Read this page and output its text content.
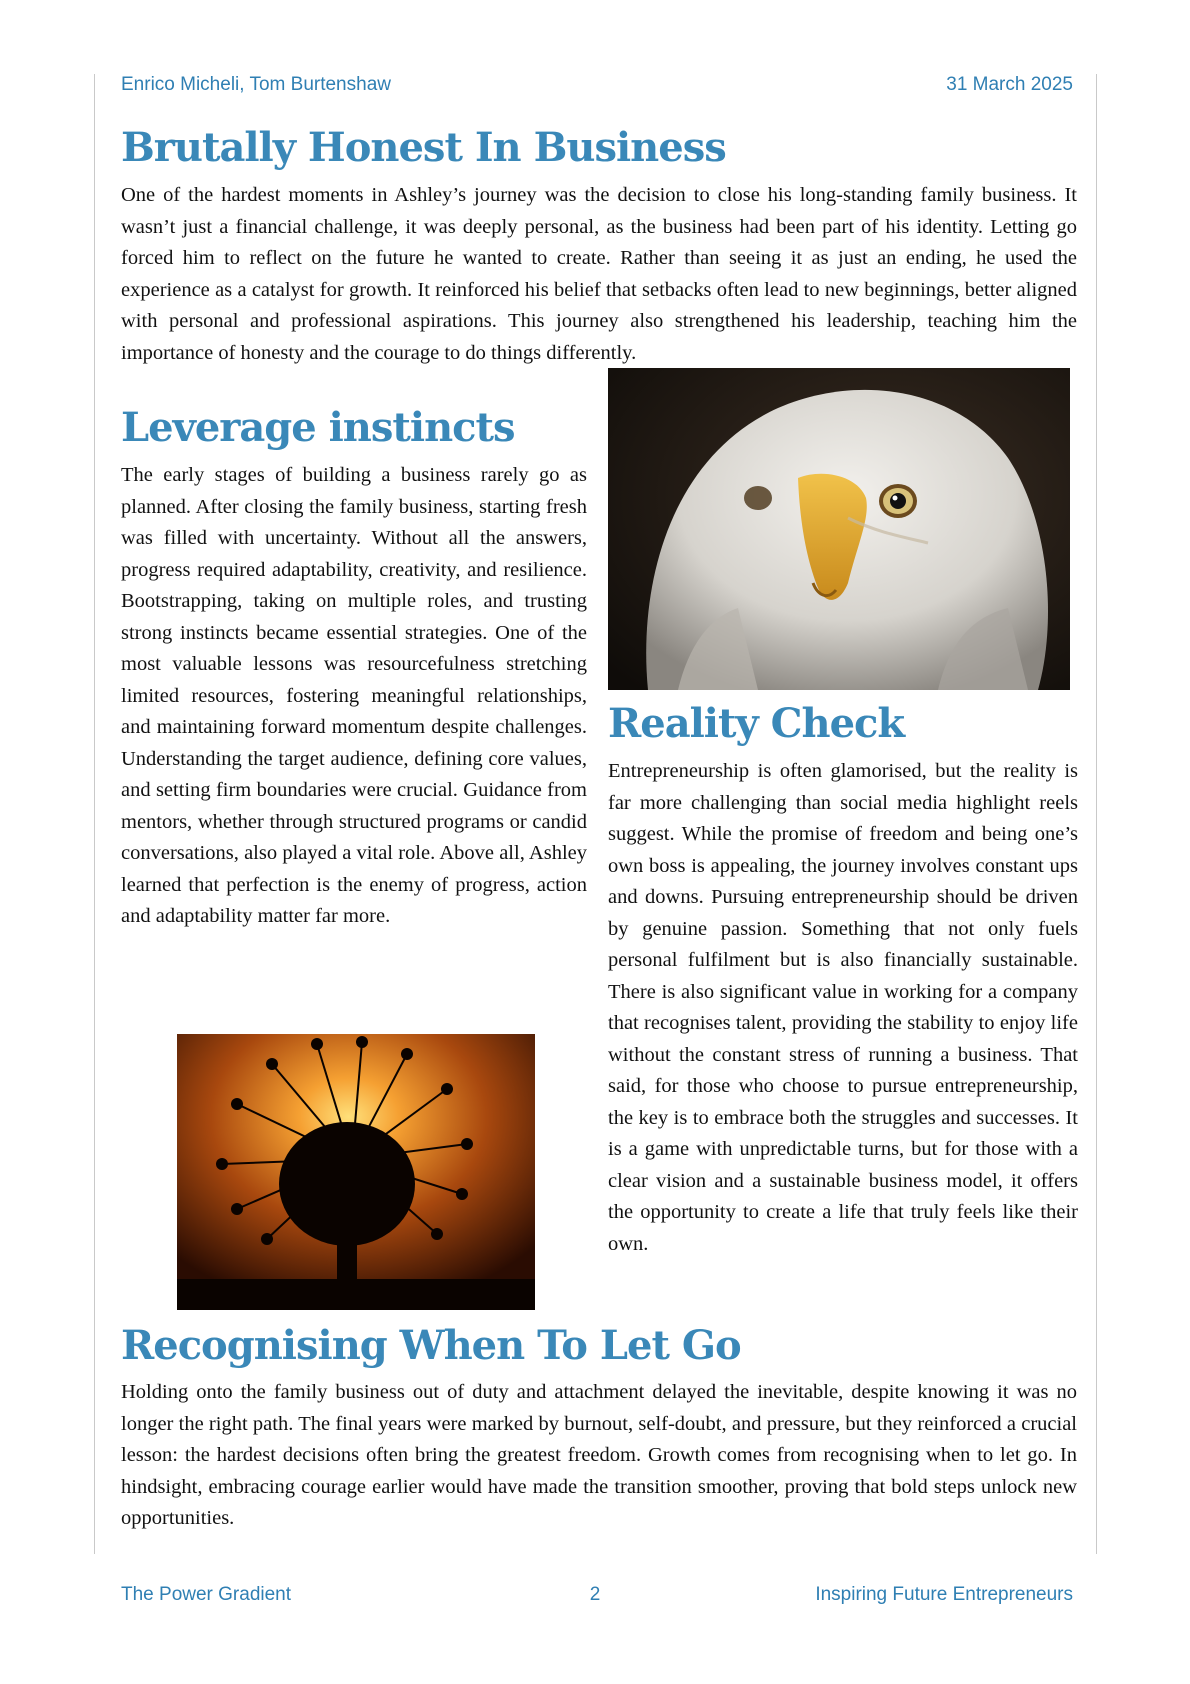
Enrico Micheli, Tom Burtenshaw	31 March 2025
Brutally Honest In Business

One of the hardest moments in Ashley’s journey was the decision to close his long-standing family business. It wasn’t just a financial challenge, it was deeply personal, as the business had been part of his identity. Letting go forced him to reflect on the future he wanted to create. Rather than seeing it as just an ending, he used the experience as a catalyst for growth. It reinforced his belief that setbacks often lead to new beginnings, better aligned with personal and professional aspirations. This journey also strengthened his leadership, teaching him the importance of honesty and the courage to do things differently.

Leverage instincts

The early stages of building a business rarely go as planned. After closing the family business, starting fresh was filled with uncertainty. Without all the answers, progress required adaptability, creativity, and resilience. Bootstrapping, taking on multiple roles, and trusting strong instincts became essential strategies. One of the most valuable lessons was resourcefulness stretching limited resources, fostering meaningful relationships, and maintaining forward momentum despite challenges. Understanding the target audience, defining core values, and setting firm boundaries were crucial. Guidance from mentors, whether through structured programs or candid conversations, also played a vital role. Above all, Ashley learned that perfection is the enemy of progress, action and adaptability matter far more.

Reality Check

Entrepreneurship is often glamorised, but the reality is far more challenging than social media highlight reels suggest. While the promise of freedom and being one’s own boss is appealing, the journey involves constant ups and downs. Pursuing entrepreneurship should be driven by genuine passion. Something that not only fuels personal fulfilment but is also financially sustainable. There is also significant value in working for a company that recognises talent, providing the stability to enjoy life without the constant stress of running a business. That said, for those who choose to pursue entrepreneurship, the key is to embrace both the struggles and successes. It is a game with unpredictable turns, but for those with a clear vision and a sustainable business model, it offers the opportunity to create a life that truly feels like their own.

Recognising When To Let Go

Holding onto the family business out of duty and attachment delayed the inevitable, despite knowing it was no longer the right path. The final years were marked by burnout, self-doubt, and pressure, but they reinforced a crucial lesson: the hardest decisions often bring the greatest freedom. Growth comes from recognising when to let go. In hindsight, embracing courage earlier would have made the transition smoother, proving that bold steps unlock new opportunities.

The Power Gradient	2	Inspiring Future Entrepreneurs
